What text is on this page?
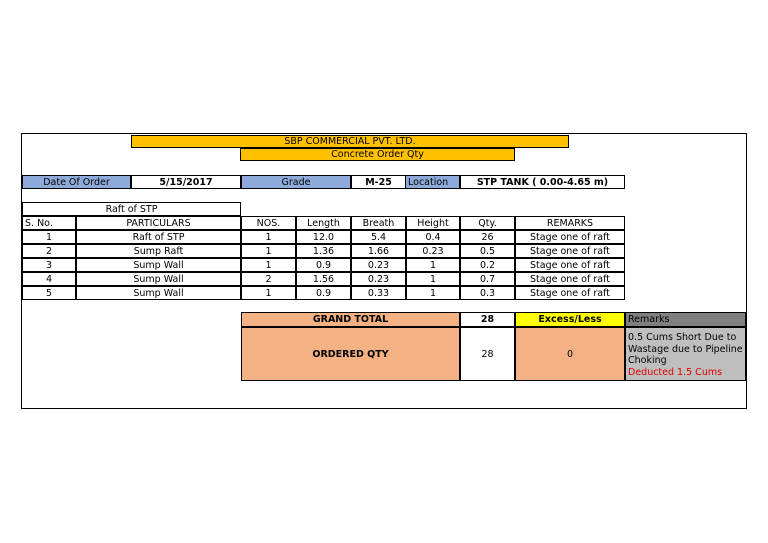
SBP COMMERCIAL PVT. LTD.
Concrete Order Qty
Date Of Order	5/15/2017	Grade	M-25	Location	STP TANK ( 0.00-4.65 m)
Raft of STP
S. No.	PARTICULARS	NOS.	Length	Breath	Height	Qty.	REMARKS
1	Raft of STP	1	12.0	5.4	0.4	26	Stage one of raft
2	Sump Raft	1	1.36	1.66	0.23	0.5	Stage one of raft
3	Sump Wall	1	0.9	0.23	1	0.2	Stage one of raft
4	Sump Wall	2	1.56	0.23	1	0.7	Stage one of raft
5	Sump Wall	1	0.9	0.33	1	0.3	Stage one of raft
GRAND TOTAL	28	Excess/Less	Remarks
ORDERED QTY	28	0
0.5 Cums Short Due to Wastage due to Pipeline Choking
Deducted 1.5 Cums
